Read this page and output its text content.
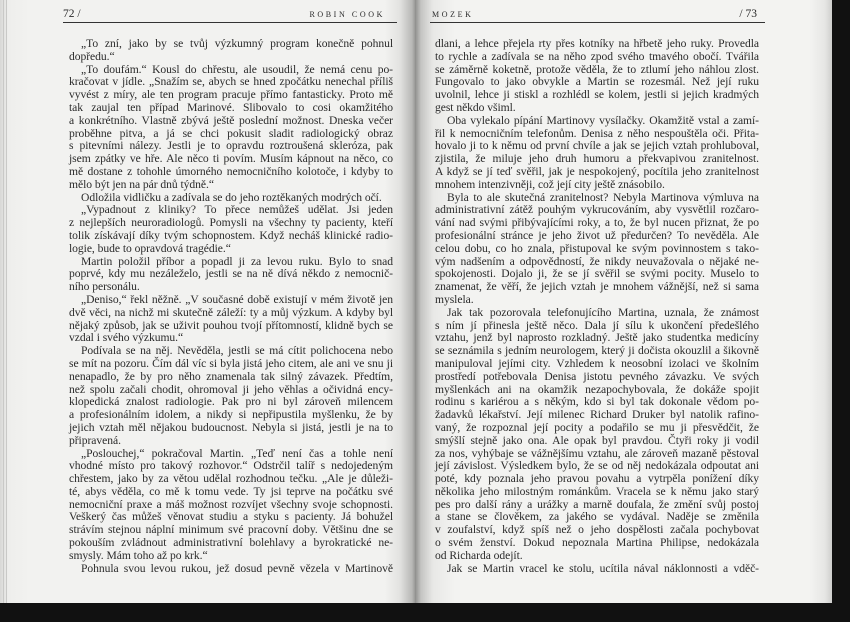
72 /	ROBIN COOK
„To zní, jako by se tvůj výzkumný program konečně pohnul
dopředu.“
„To doufám.“ Kousl do chřestu, ale usoudil, že nemá cenu po-
kračovat v jídle. „Snažím se, abych se hned zpočátku nenechal příliš
vyvést z míry, ale ten program pracuje přímo fantasticky. Proto mě
tak zaujal ten případ Marinové. Slibovalo to cosi okamžitého
a konkrétního. Vlastně zbývá ještě poslední možnost. Dneska večer
proběhne pitva, a já se chci pokusit sladit radiologický obraz
s pitevními nálezy. Jestli je to opravdu roztroušená skleróza, pak
jsem zpátky ve hře. Ale něco ti povím. Musím kápnout na něco, co
mě dostane z tohohle úmorného nemocničního kolotoče, i kdyby to
mělo být jen na pár dnů týdně.“
Odložila vidličku a zadívala se do jeho roztěkaných modrých očí.
„Vypadnout z kliniky? To přece nemůžeš udělat. Jsi jeden
z nejlepších neuroradiologů. Pomysli na všechny ty pacienty, kteří
tolik získávají díky tvým schopnostem. Když necháš klinické radio-
logie, bude to opravdová tragédie.“
Martin položil příbor a popadl ji za levou ruku. Bylo to snad
poprvé, kdy mu nezáleželo, jestli se na ně dívá někdo z nemocnič-
ního personálu.
„Deniso,“ řekl něžně. „V současné době existují v mém životě jen
dvě věci, na nichž mi skutečně záleží: ty a můj výzkum. A kdyby byl
nějaký způsob, jak se uživit pouhou tvojí přítomností, klidně bych se
vzdal i svého výzkumu.“
Podívala se na něj. Nevěděla, jestli se má cítit polichocena nebo
se mít na pozoru. Čím dál víc si byla jistá jeho citem, ale ani ve snu ji
nenapadlo, že by pro něho znamenala tak silný závazek. Předtím,
než spolu začali chodit, ohromoval ji jeho věhlas a očividná ency-
klopedická znalost radiologie. Pak pro ni byl zároveň milencem
a profesionálním idolem, a nikdy si nepřipustila myšlenku, že by
jejich vztah měl nějakou budoucnost. Nebyla si jistá, jestli je na to
připravená.
„Poslouchej,“ pokračoval Martin. „Teď není čas a tohle není
vhodné místo pro takový rozhovor.“ Odstrčil talíř s nedojedeným
chřestem, jako by za větou udělal rozhodnou tečku. „Ale je důleži-
té, abys věděla, co mě k tomu vede. Ty jsi teprve na počátku své
nemocniční praxe a máš možnost rozvíjet všechny svoje schopnosti.
Veškerý čas můžeš věnovat studiu a styku s pacienty. Já bohužel
strávím stejnou náplní minimum své pracovní doby. Většinu dne se
pokouším zvládnout administrativní bolehlavy a byrokratické ne-
smysly. Mám toho až po krk.“
Pohnula svou levou rukou, jež dosud pevně vězela v Martinově
MOZEK	/ 73
dlani, a lehce přejela rty přes kotníky na hřbetě jeho ruky. Provedla
to rychle a zadívala se na něho zpod svého tmavého obočí. Tvářila
se záměrně koketně, protože věděla, že to ztlumí jeho náhlou zlost.
Fungovalo to jako obvykle a Martin se rozesmál. Než její ruku
uvolnil, lehce ji stiskl a rozhlédl se kolem, jestli si jejich kradmých
gest někdo všiml.
Oba vylekalo pípání Martinovy vysílačky. Okamžitě vstal a zamí-
řil k nemocničním telefonům. Denisa z něho nespouštěla oči. Přita-
hovalo ji to k němu od první chvíle a jak se jejich vztah prohluboval,
zjistila, že miluje jeho druh humoru a překvapivou zranitelnost.
A když se jí teď svěřil, jak je nespokojený, pocítila jeho zranitelnost
mnohem intenzivněji, což její city ještě znásobilo.
Byla to ale skutečná zranitelnost? Nebyla Martinova výmluva na
administrativní zátěž pouhým vykrucováním, aby vysvětlil rozčaro-
vání nad svými přibývajícími roky, a to, že byl nucen přiznat, že po
profesionální stránce je jeho život už předurčen? To nevěděla. Ale
celou dobu, co ho znala, přistupoval ke svým povinnostem s tako-
vým nadšením a odpovědností, že nikdy neuvažovala o nějaké ne-
spokojenosti. Dojalo ji, že se jí svěřil se svými pocity. Muselo to
znamenat, že věří, že jejich vztah je mnohem vážnější, než si sama
myslela.
Jak tak pozorovala telefonujícího Martina, uznala, že známost
s ním jí přinesla ještě něco. Dala jí sílu k ukončení předešlého
vztahu, jenž byl naprosto rozkladný. Ještě jako studentka medicíny
se seznámila s jedním neurologem, který ji dočista okouzlil a šikovně
manipuloval jejími city. Vzhledem k neosobní izolaci ve školním
prostředí potřebovala Denisa jistotu pevného závazku. Ve svých
myšlenkách ani na okamžik nezapochybovala, že dokáže spojit
rodinu s kariérou a s někým, kdo si byl tak dokonale vědom po-
žadavků lékařství. Její milenec Richard Druker byl natolik rafino-
vaný, že rozpoznal její pocity a podařilo se mu ji přesvědčit, že
smýšlí stejně jako ona. Ale opak byl pravdou. Čtyři roky ji vodil
za nos, vyhýbaje se vážnějšímu vztahu, ale zároveň mazaně pěstoval
její závislost. Výsledkem bylo, že se od něj nedokázala odpoutat ani
poté, kdy poznala jeho pravou povahu a vytrpěla ponížení díky
několika jeho milostným románkům. Vracela se k němu jako starý
pes pro další rány a urážky a marně doufala, že změní svůj postoj
a stane se člověkem, za jakého se vydával. Naděje se změnila
v zoufalství, když spíš než o jeho dospělosti začala pochybovat
o svém ženství. Dokud nepoznala Martina Philipse, nedokázala
od Richarda odejít.
Jak se Martin vracel ke stolu, ucítila nával náklonnosti a vděč-
